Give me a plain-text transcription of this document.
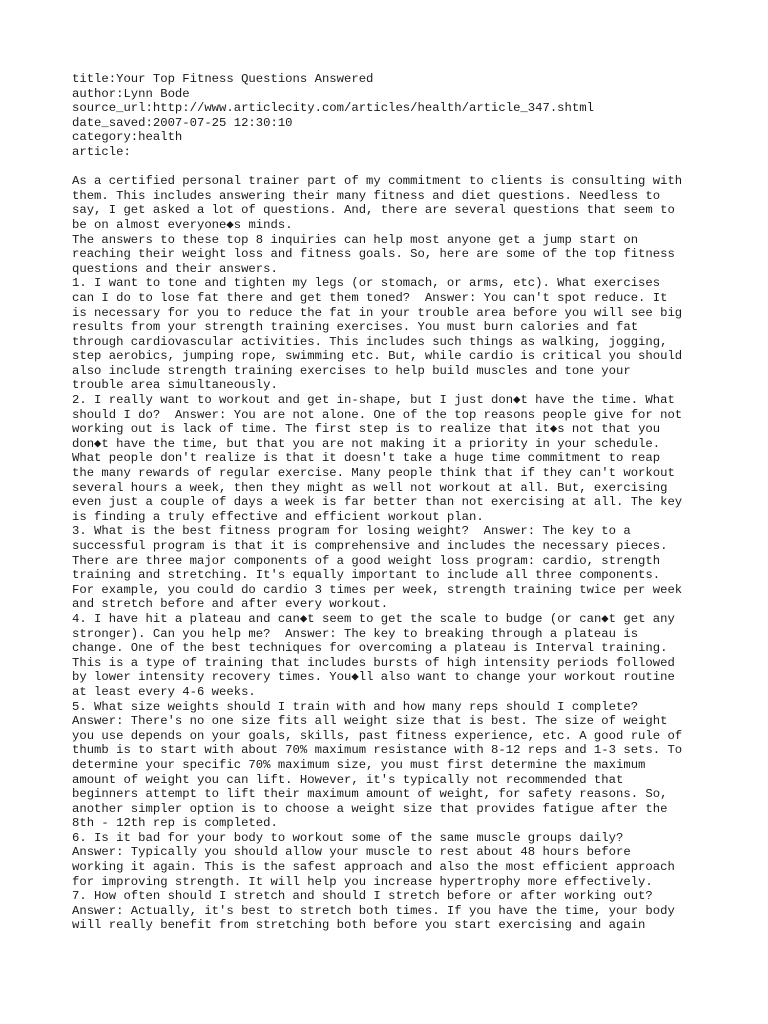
title:Your Top Fitness Questions Answered
author:Lynn Bode
source_url:http://www.articlecity.com/articles/health/article_347.shtml
date_saved:2007-07-25 12:30:10
category:health
article:
As a certified personal trainer part of my commitment to clients is consulting with
them. This includes answering their many fitness and diet questions. Needless to
say, I get asked a lot of questions. And, there are several questions that seem to
be on almost everyone◆s minds.
The answers to these top 8 inquiries can help most anyone get a jump start on
reaching their weight loss and fitness goals. So, here are some of the top fitness
questions and their answers.
1. I want to tone and tighten my legs (or stomach, or arms, etc). What exercises
can I do to lose fat there and get them toned?  Answer: You can't spot reduce. It
is necessary for you to reduce the fat in your trouble area before you will see big
results from your strength training exercises. You must burn calories and fat
through cardiovascular activities. This includes such things as walking, jogging,
step aerobics, jumping rope, swimming etc. But, while cardio is critical you should
also include strength training exercises to help build muscles and tone your
trouble area simultaneously.
2. I really want to workout and get in-shape, but I just don◆t have the time. What
should I do?  Answer: You are not alone. One of the top reasons people give for not
working out is lack of time. The first step is to realize that it◆s not that you
don◆t have the time, but that you are not making it a priority in your schedule.
What people don't realize is that it doesn't take a huge time commitment to reap
the many rewards of regular exercise. Many people think that if they can't workout
several hours a week, then they might as well not workout at all. But, exercising
even just a couple of days a week is far better than not exercising at all. The key
is finding a truly effective and efficient workout plan.
3. What is the best fitness program for losing weight?  Answer: The key to a
successful program is that it is comprehensive and includes the necessary pieces.
There are three major components of a good weight loss program: cardio, strength
training and stretching. It's equally important to include all three components.
For example, you could do cardio 3 times per week, strength training twice per week
and stretch before and after every workout.
4. I have hit a plateau and can◆t seem to get the scale to budge (or can◆t get any
stronger). Can you help me?  Answer: The key to breaking through a plateau is
change. One of the best techniques for overcoming a plateau is Interval training.
This is a type of training that includes bursts of high intensity periods followed
by lower intensity recovery times. You◆ll also want to change your workout routine
at least every 4-6 weeks.
5. What size weights should I train with and how many reps should I complete?
Answer: There's no one size fits all weight size that is best. The size of weight
you use depends on your goals, skills, past fitness experience, etc. A good rule of
thumb is to start with about 70% maximum resistance with 8-12 reps and 1-3 sets. To
determine your specific 70% maximum size, you must first determine the maximum
amount of weight you can lift. However, it's typically not recommended that
beginners attempt to lift their maximum amount of weight, for safety reasons. So,
another simpler option is to choose a weight size that provides fatigue after the
8th - 12th rep is completed.
6. Is it bad for your body to workout some of the same muscle groups daily?
Answer: Typically you should allow your muscle to rest about 48 hours before
working it again. This is the safest approach and also the most efficient approach
for improving strength. It will help you increase hypertrophy more effectively.
7. How often should I stretch and should I stretch before or after working out?
Answer: Actually, it's best to stretch both times. If you have the time, your body
will really benefit from stretching both before you start exercising and again
